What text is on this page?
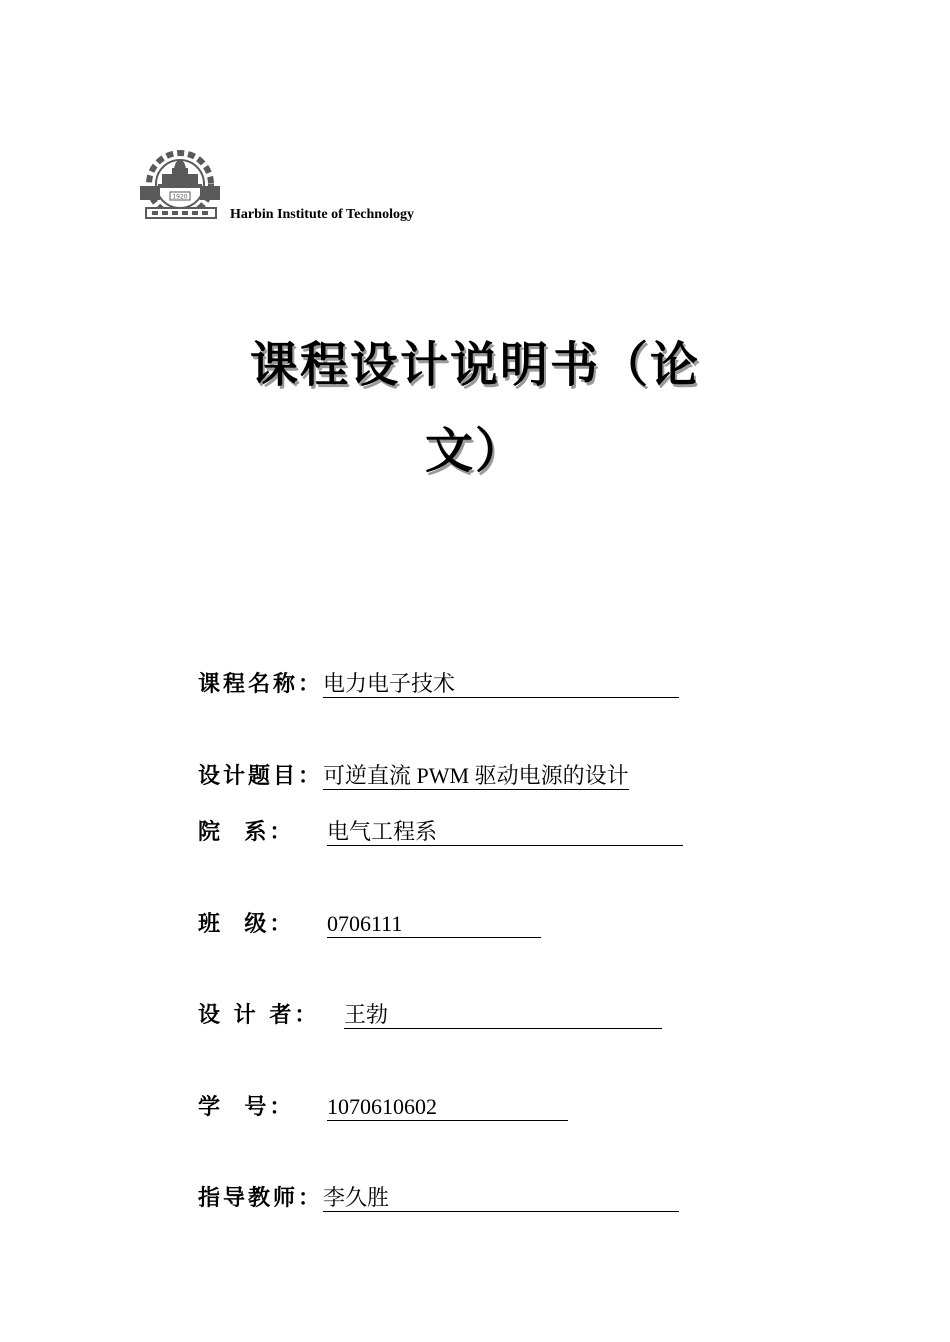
1920
Harbin Institute of Technology
课程设计说明书（论
文）
课程名称：电力电子技术
设计题目：可逆直流 PWM 驱动电源的设计
院  系： 电气工程系
班  级： 0706111
设 计 者： 王勃
学  号： 1070610602
指导教师：李久胜
